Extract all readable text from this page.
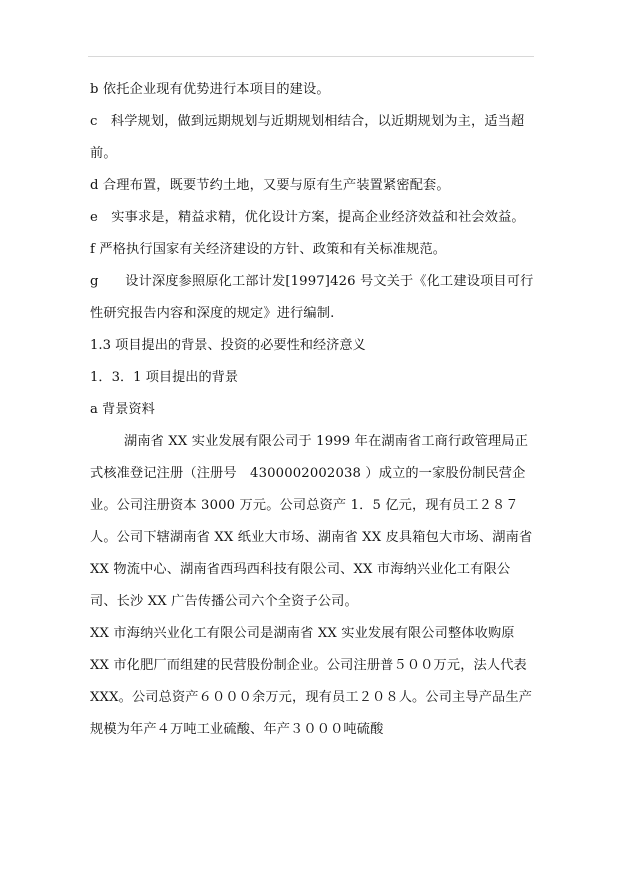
b 依托企业现有优势进行本项目的建设。
c　科学规划，做到远期规划与近期规划相结合，以近期规划为主，适当超前。
d 合理布置，既要节约土地，又要与原有生产装置紧密配套。
e　实事求是，精益求精，优化设计方案，提高企业经济效益和社会效益。
f 严格执行国家有关经济建设的方针、政策和有关标准规范。
g　　设计深度参照原化工部计发[1997]426 号文关于《化工建设项目可行性研究报告内容和深度的规定》进行编制.
1.3 项目提出的背景、投资的必要性和经济意义
1．3．1 项目提出的背景
a 背景资料
湖南省 XX 实业发展有限公司于 1999 年在湖南省工商行政管理局正式核准登记注册（注册号　4300002002038 ）成立的一家股份制民营企业。公司注册资本 3000 万元。公司总资产 1．5 亿元，现有员工２８７人。公司下辖湖南省 XX 纸业大市场、湖南省 XX 皮具箱包大市场、湖南省 XX 物流中心、湖南省西玛西科技有限公司、XX 市海纳兴业化工有限公司、长沙 XX 广告传播公司六个全资子公司。
XX 市海纳兴业化工有限公司是湖南省 XX 实业发展有限公司整体收购原 XX 市化肥厂而组建的民营股份制企业。公司注册普５００万元，法人代表 XXX。公司总资产６０００余万元，现有员工２０８人。公司主导产品生产规模为年产４万吨工业硫酸、年产３０００吨硫酸
